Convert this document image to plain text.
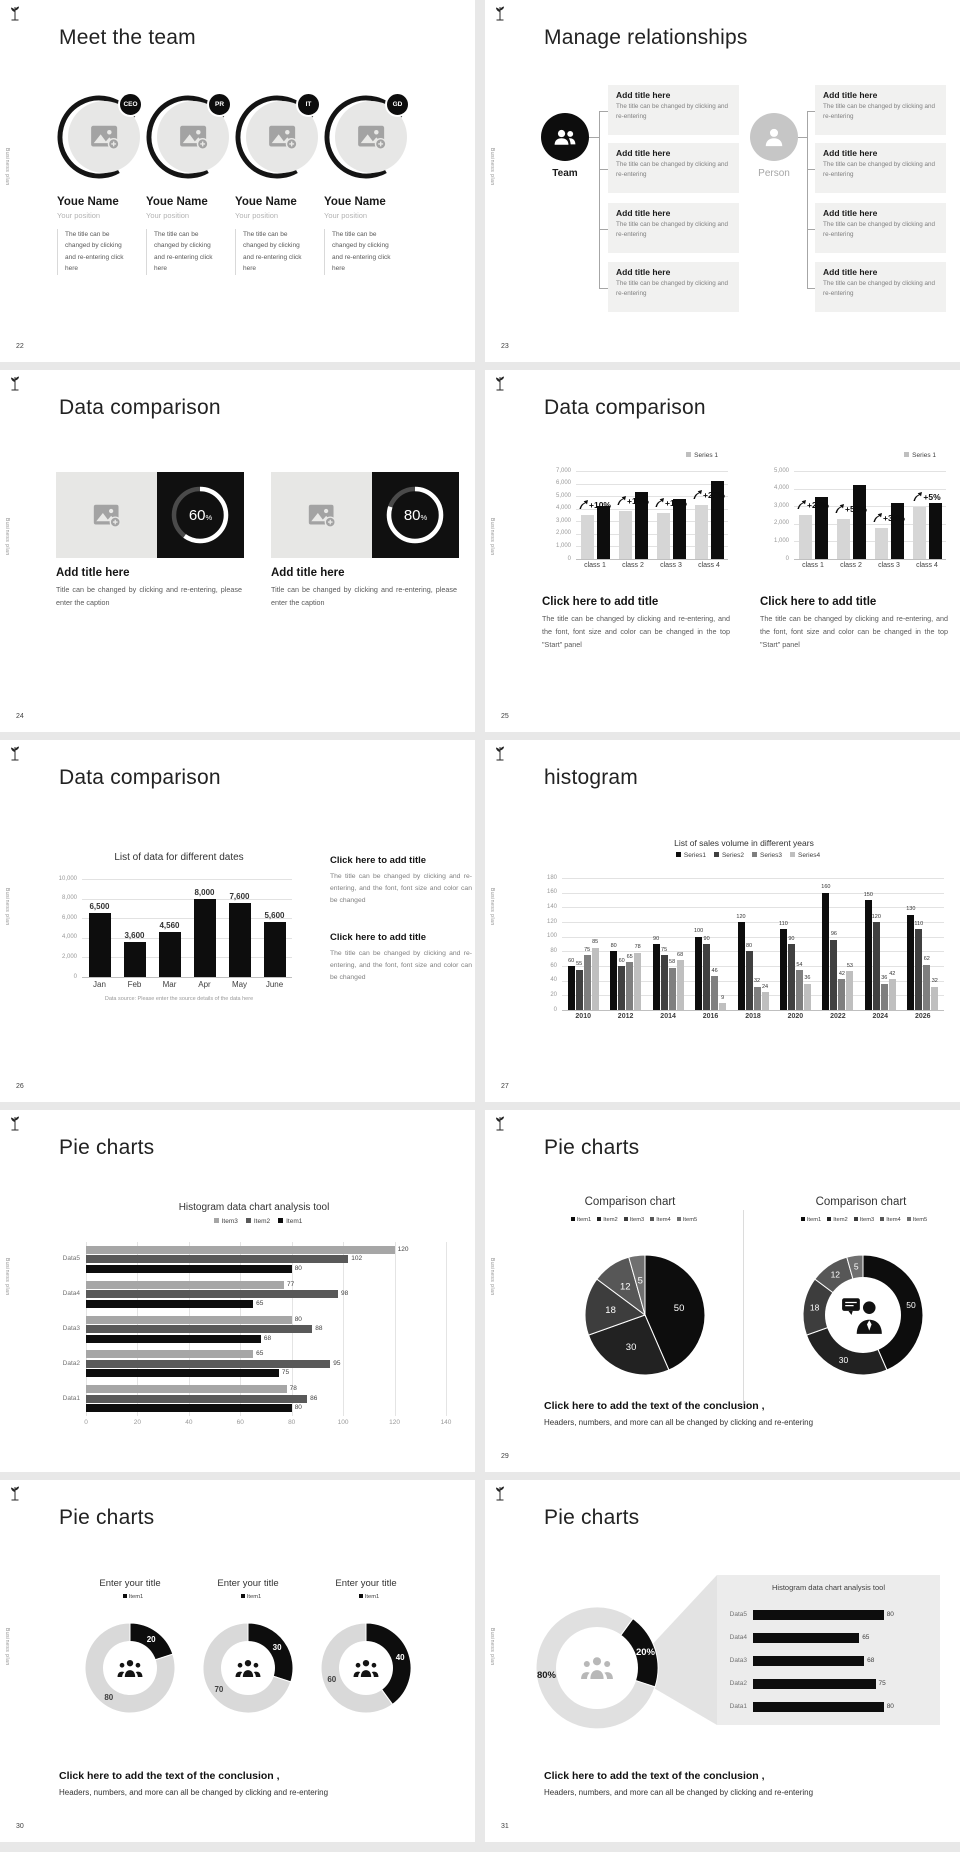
Business plan
22
Meet the team
CEO
Youe Name
Your position
The title can be changed by clicking and re-entering click here
PR
Youe Name
Your position
The title can be changed by clicking and re-entering click here
IT
Youe Name
Your position
The title can be changed by clicking and re-entering click here
GD
Youe Name
Your position
The title can be changed by clicking and re-entering click here
Business plan
23
Manage relationships
Team	Person
Add title here

The title can be changed by clicking and re-entering

Add title here

The title can be changed by clicking and re-entering

Add title here

The title can be changed by clicking and re-entering

Add title here

The title can be changed by clicking and re-entering

Add title here

The title can be changed by clicking and re-entering

Add title here

The title can be changed by clicking and re-entering

Add title here

The title can be changed by clicking and re-entering

Add title here

The title can be changed by clicking and re-entering

Business plan
24
Data comparison
60%	80%
Add title here
Title can be changed by clicking and re-entering, please enter the caption
Add title here
Title can be changed by clicking and re-entering, please enter the caption
Business plan
25
Data comparison
Series 1	Series 1
0
1,000
2,000
3,000
4,000
5,000
6,000
7,000
class 1
+10%
class 2
+18%
class 3
+16%
class 4
+22%
0
1,000
2,000
3,000
4,000
5,000
class 1
+25%
class 2
+50%
class 3
+34%
class 4
+5%
Click here to add title
The title can be changed by clicking and re-entering, and the font, font size and color can be changed in the top "Start" panel
Click here to add title
The title can be changed by clicking and re-entering, and the font, font size and color can be changed in the top "Start" panel
Business plan
26
Data comparison
List of data for different dates
0
2,000
4,000
6,000
8,000
10,000
6,500
Jan
3,600
Feb
4,560
Mar
8,000
Apr
7,600
May
5,600
June
Data source: Please enter the source details of the data here
Click here to add title
The title can be changed by clicking and re-entering, and the font, font size and color can be changed
Click here to add title
The title can be changed by clicking and re-entering, and the font, font size and color can be changed
Business plan
27
histogram
Series1 Series2 Series3 Series4
List of sales volume in different years
0
20
40
60
80
100
120
140
160
180
60
55
75
85
2010
80
60
65
78
2012
90
75
58
68
2014
100
90
46
9
2016
120
80
32
24
2018
110
90
54
36
2020
160
96
42
53
2022
150
120
36
42
2024
130
110
62
32
2026
Business plan
Pie charts
Item3 Item2 Item1
Histogram data chart analysis tool
0	20	40	60	80	100	120	140
Data1
78
86
80
Data2
65
95
75
Data3
80
88
68
Data4
77
98
65
Data5
120
102
80	Business plan
29
Pie charts
Comparison chart	Comparison chart
Item1 Item2 Item3 Item4 Item5	Item1 Item2 Item3 Item4 Item5
50
30
18
12
5
50
30
18
12
5
Click here to add the text of the conclusion ,
Headers, numbers, and more can all be changed by clicking and re-entering
Business plan
30
Pie charts
Enter your title	Enter your title	Enter your title
Item1	Item1	Item1
20
80
30
70
40
60
Click here to add the text of the conclusion ,
Headers, numbers, and more can all be changed by clicking and re-entering
Business plan
31
Pie charts
20%
80%
Histogram data chart analysis tool
Data1	80
Data2	75
Data3	68
Data4	65
Data5	80
Click here to add the text of the conclusion ,
Headers, numbers, and more can all be changed by clicking and re-entering
